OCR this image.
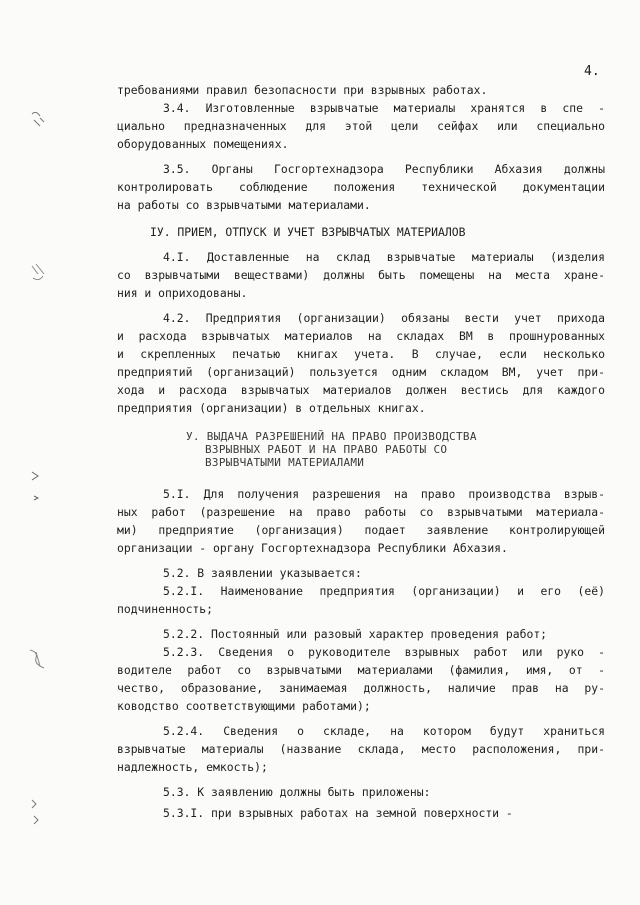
4.
требованиями правил безопасности при взрывных работах.
3.4. Изготовленные взрывчатые материалы хранятся в спе -
циально предназначенных для этой цели сейфах или специально
оборудованных помещениях.
3.5. Органы Госгортехнадзора Республики Абхазия должны
контролировать соблюдение положения технической документации
на работы со взрывчатыми материалами.
IУ. ПРИЕМ, ОТПУСК И УЧЕТ ВЗРЫВЧАТЫХ МАТЕРИАЛОВ
4.I. Доставленные на склад взрывчатые материалы (изделия
со взрывчатыми веществами) должны быть помещены на места хране-
ния и оприходованы.
4.2. Предприятия (организации) обязаны вести учет прихода
и расхода взрывчатых материалов на складах ВМ в прошнурованных
и скрепленных печатью книгах учета. В случае, если несколько
предприятий (организаций) пользуется одним складом ВМ, учет при-
хода и расхода взрывчатых материалов должен вестись для каждого
предприятия (организации) в отдельных книгах.
У. ВЫДАЧА РАЗРЕШЕНИЙ НА ПРАВО ПРОИЗВОДСТВА
ВЗРЫВНЫХ РАБОТ И НА ПРАВО РАБОТЫ СО
ВЗРЫВЧАТЫМИ МАТЕРИАЛАМИ
5.I. Для получения разрешения на право производства взрыв-
ных работ (разрешение на право работы со взрывчатыми материала-
ми) предприятие (организация) подает заявление контролирующей
организации - органу Госгортехнадзора Республики Абхазия.
5.2. В заявлении указывается:
5.2.I. Наименование предприятия (организации) и его (её)
подчиненность;
5.2.2. Постоянный или разовый характер проведения работ;
5.2.3. Сведения о руководителе взрывных работ или руко -
водителе работ со взрывчатыми материалами (фамилия, имя, от -
чество, образование, занимаемая должность, наличие прав на ру-
ководство соответствующими работами);
5.2.4. Сведения о складе, на котором будут храниться
взрывчатые материалы (название склада, место расположения, при-
надлежность, емкость);
5.3. К заявлению должны быть приложены:
5.3.I. при взрывных работах на земной поверхности -
